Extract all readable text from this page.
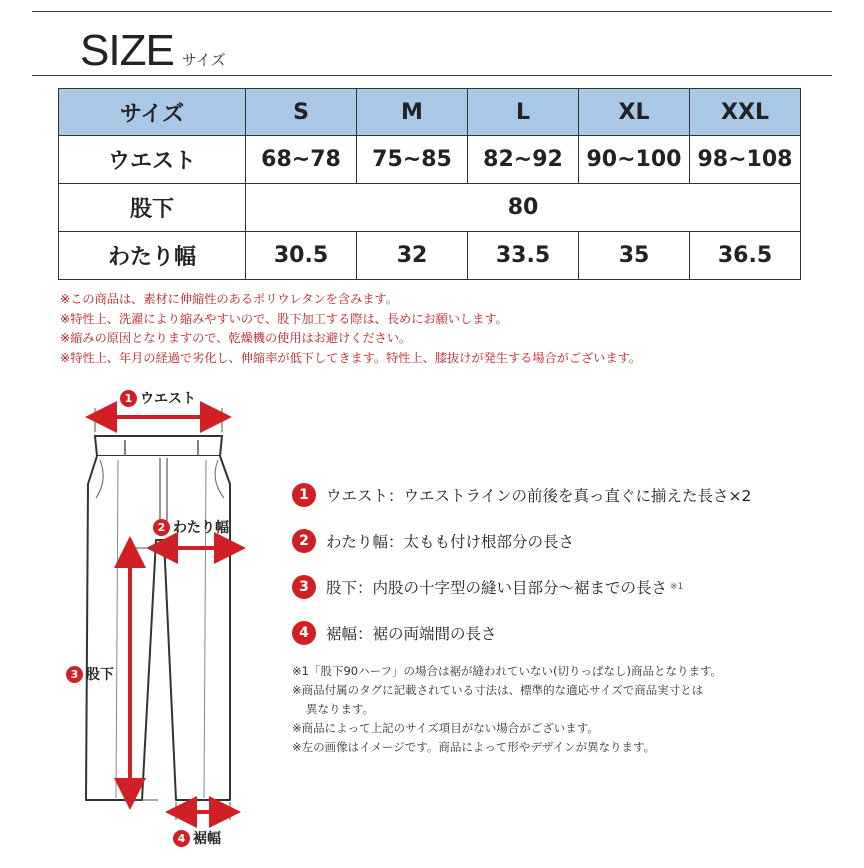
SIZE サイズ
サイズ	S	M	L	XL	XXL
ウエスト	68~78	75~85	82~92	90~100	98~108
股下	80				
わたり幅	30.5	32	33.5	35	36.5
※この商品は、素材に伸縮性のあるポリウレタンを含みます。
※特性上、洗濯により縮みやすいので、股下加工する際は、長めにお願いします。
※縮みの原因となりますので、乾燥機の使用はお避けください。
※特性上、年月の経過で劣化し、伸縮率が低下してきます。特性上、膝抜けが発生する場合がございます。
1 ウエスト
2 わたり幅
3 股下
4 裾幅
1	ウエスト：ウエストラインの前後を真っ直ぐに揃えた長さ×2
2	わたり幅：太もも付け根部分の長さ
3	股下：内股の十字型の縫い目部分〜裾までの長さ ※1
4	裾幅：裾の両端間の長さ
※1「股下90ハーフ」の場合は裾が縫われていない(切りっぱなし)商品となります。
※商品付属のタグに記載されている寸法は、標準的な適応サイズで商品実寸とは
異なります。
※商品によって上記のサイズ項目がない場合がございます。
※左の画像はイメージです。商品によって形やデザインが異なります。
